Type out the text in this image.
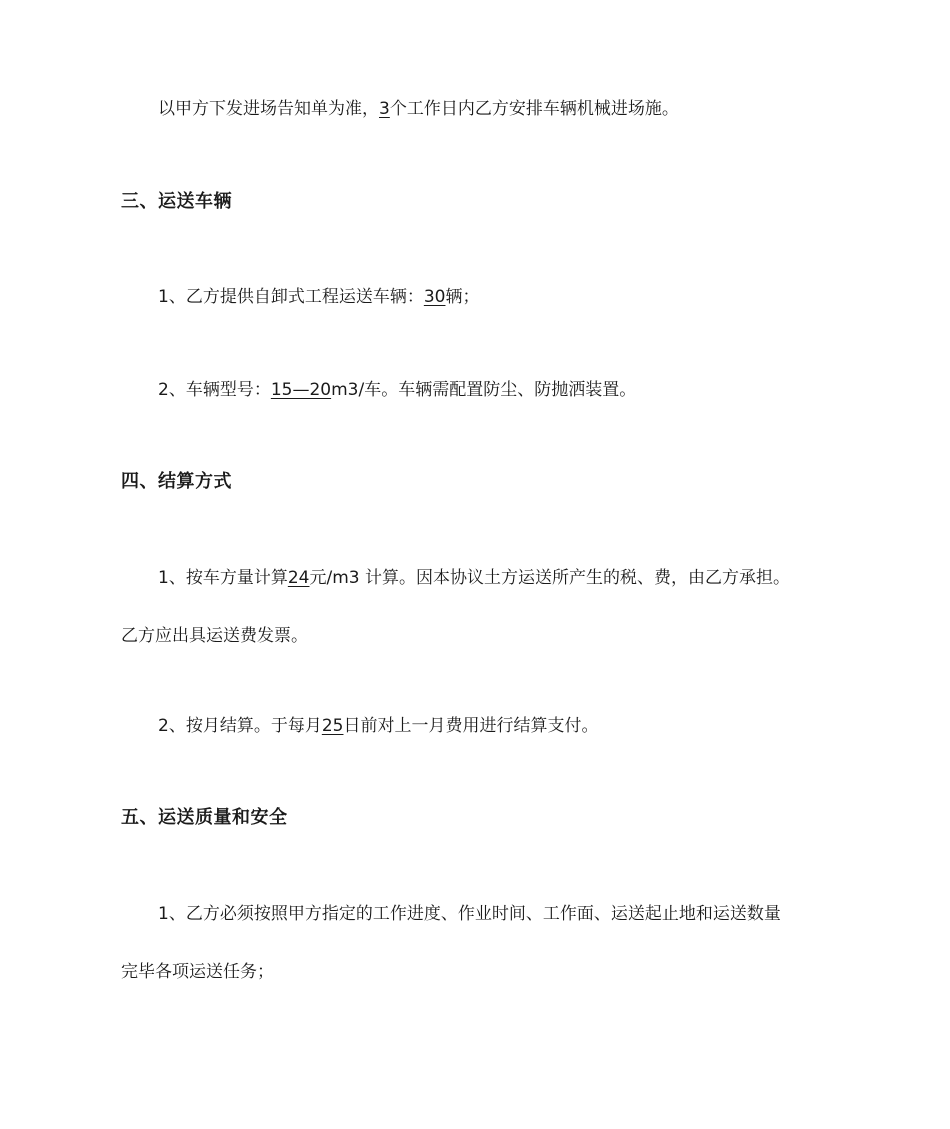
以甲方下发进场告知单为准，3个工作日内乙方安排车辆机械进场施。
三、运送车辆
1、乙方提供自卸式工程运送车辆：30辆；
2、车辆型号：15—20m3/车。车辆需配置防尘、防抛洒装置。
四、结算方式
1、按车方量计算24元/m3 计算。因本协议土方运送所产生的税、费，由乙方承担。
乙方应出具运送费发票。
2、按月结算。于每月25日前对上一月费用进行结算支付。
五、运送质量和安全
1、乙方必须按照甲方指定的工作进度、作业时间、工作面、运送起止地和运送数量
完毕各项运送任务；
